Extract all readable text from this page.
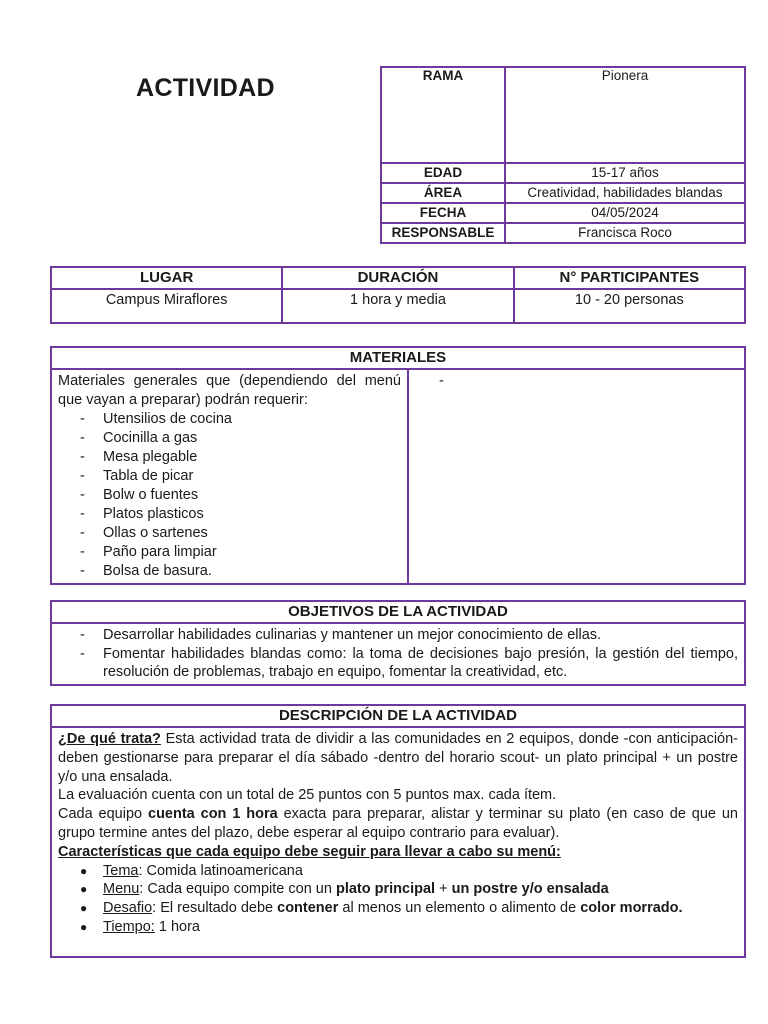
ACTIVIDAD	RAMA	Pionera
EDAD	15-17 años
ÁREA	Creatividad, habilidades blandas
FECHA	04/05/2024
RESPONSABLE	Francisca Roco
LUGAR	DURACIÓN	N° PARTICIPANTES
Campus Miraflores	1 hora y media	10 - 20 personas
MATERIALES

Materiales generales que (dependiendo del menú que vayan a preparar) podrán requerir:

- Utensilios de cocina
- Cocinilla a gas
- Mesa plegable
- Tabla de picar
- Bolw o fuentes
- Platos plasticos
- Ollas o sartenes
- Paño para limpiar
- Bolsa de basura.
	-
OBJETIVOS DE LA ACTIVIDAD

- Desarrollar habilidades culinarias y mantener un mejor conocimiento de ellas.
- Fomentar habilidades blandas como: la toma de decisiones bajo presión, la gestión del tiempo, resolución de problemas, trabajo en equipo, fomentar la creatividad, etc.
DESCRIPCIÓN DE LA ACTIVIDAD

¿De qué trata? Esta actividad trata de dividir a las comunidades en 2 equipos, donde -con anticipación- deben gestionarse para preparar el día sábado -dentro del horario scout- un plato principal + un postre y/o una ensalada.

La evaluación cuenta con un total de 25 puntos con 5 puntos max. cada ítem.

Cada equipo cuenta con 1 hora exacta para preparar, alistar y terminar su plato (en caso de que un grupo termine antes del plazo, debe esperar al equipo contrario para evaluar).

Características que cada equipo debe seguir para llevar a cabo su menú:

● Tema: Comida latinoamericana
● Menu: Cada equipo compite con un plato principal + un postre y/o ensalada
● Desafio: El resultado debe contener al menos un elemento o alimento de color morrado.
● Tiempo: 1 hora
